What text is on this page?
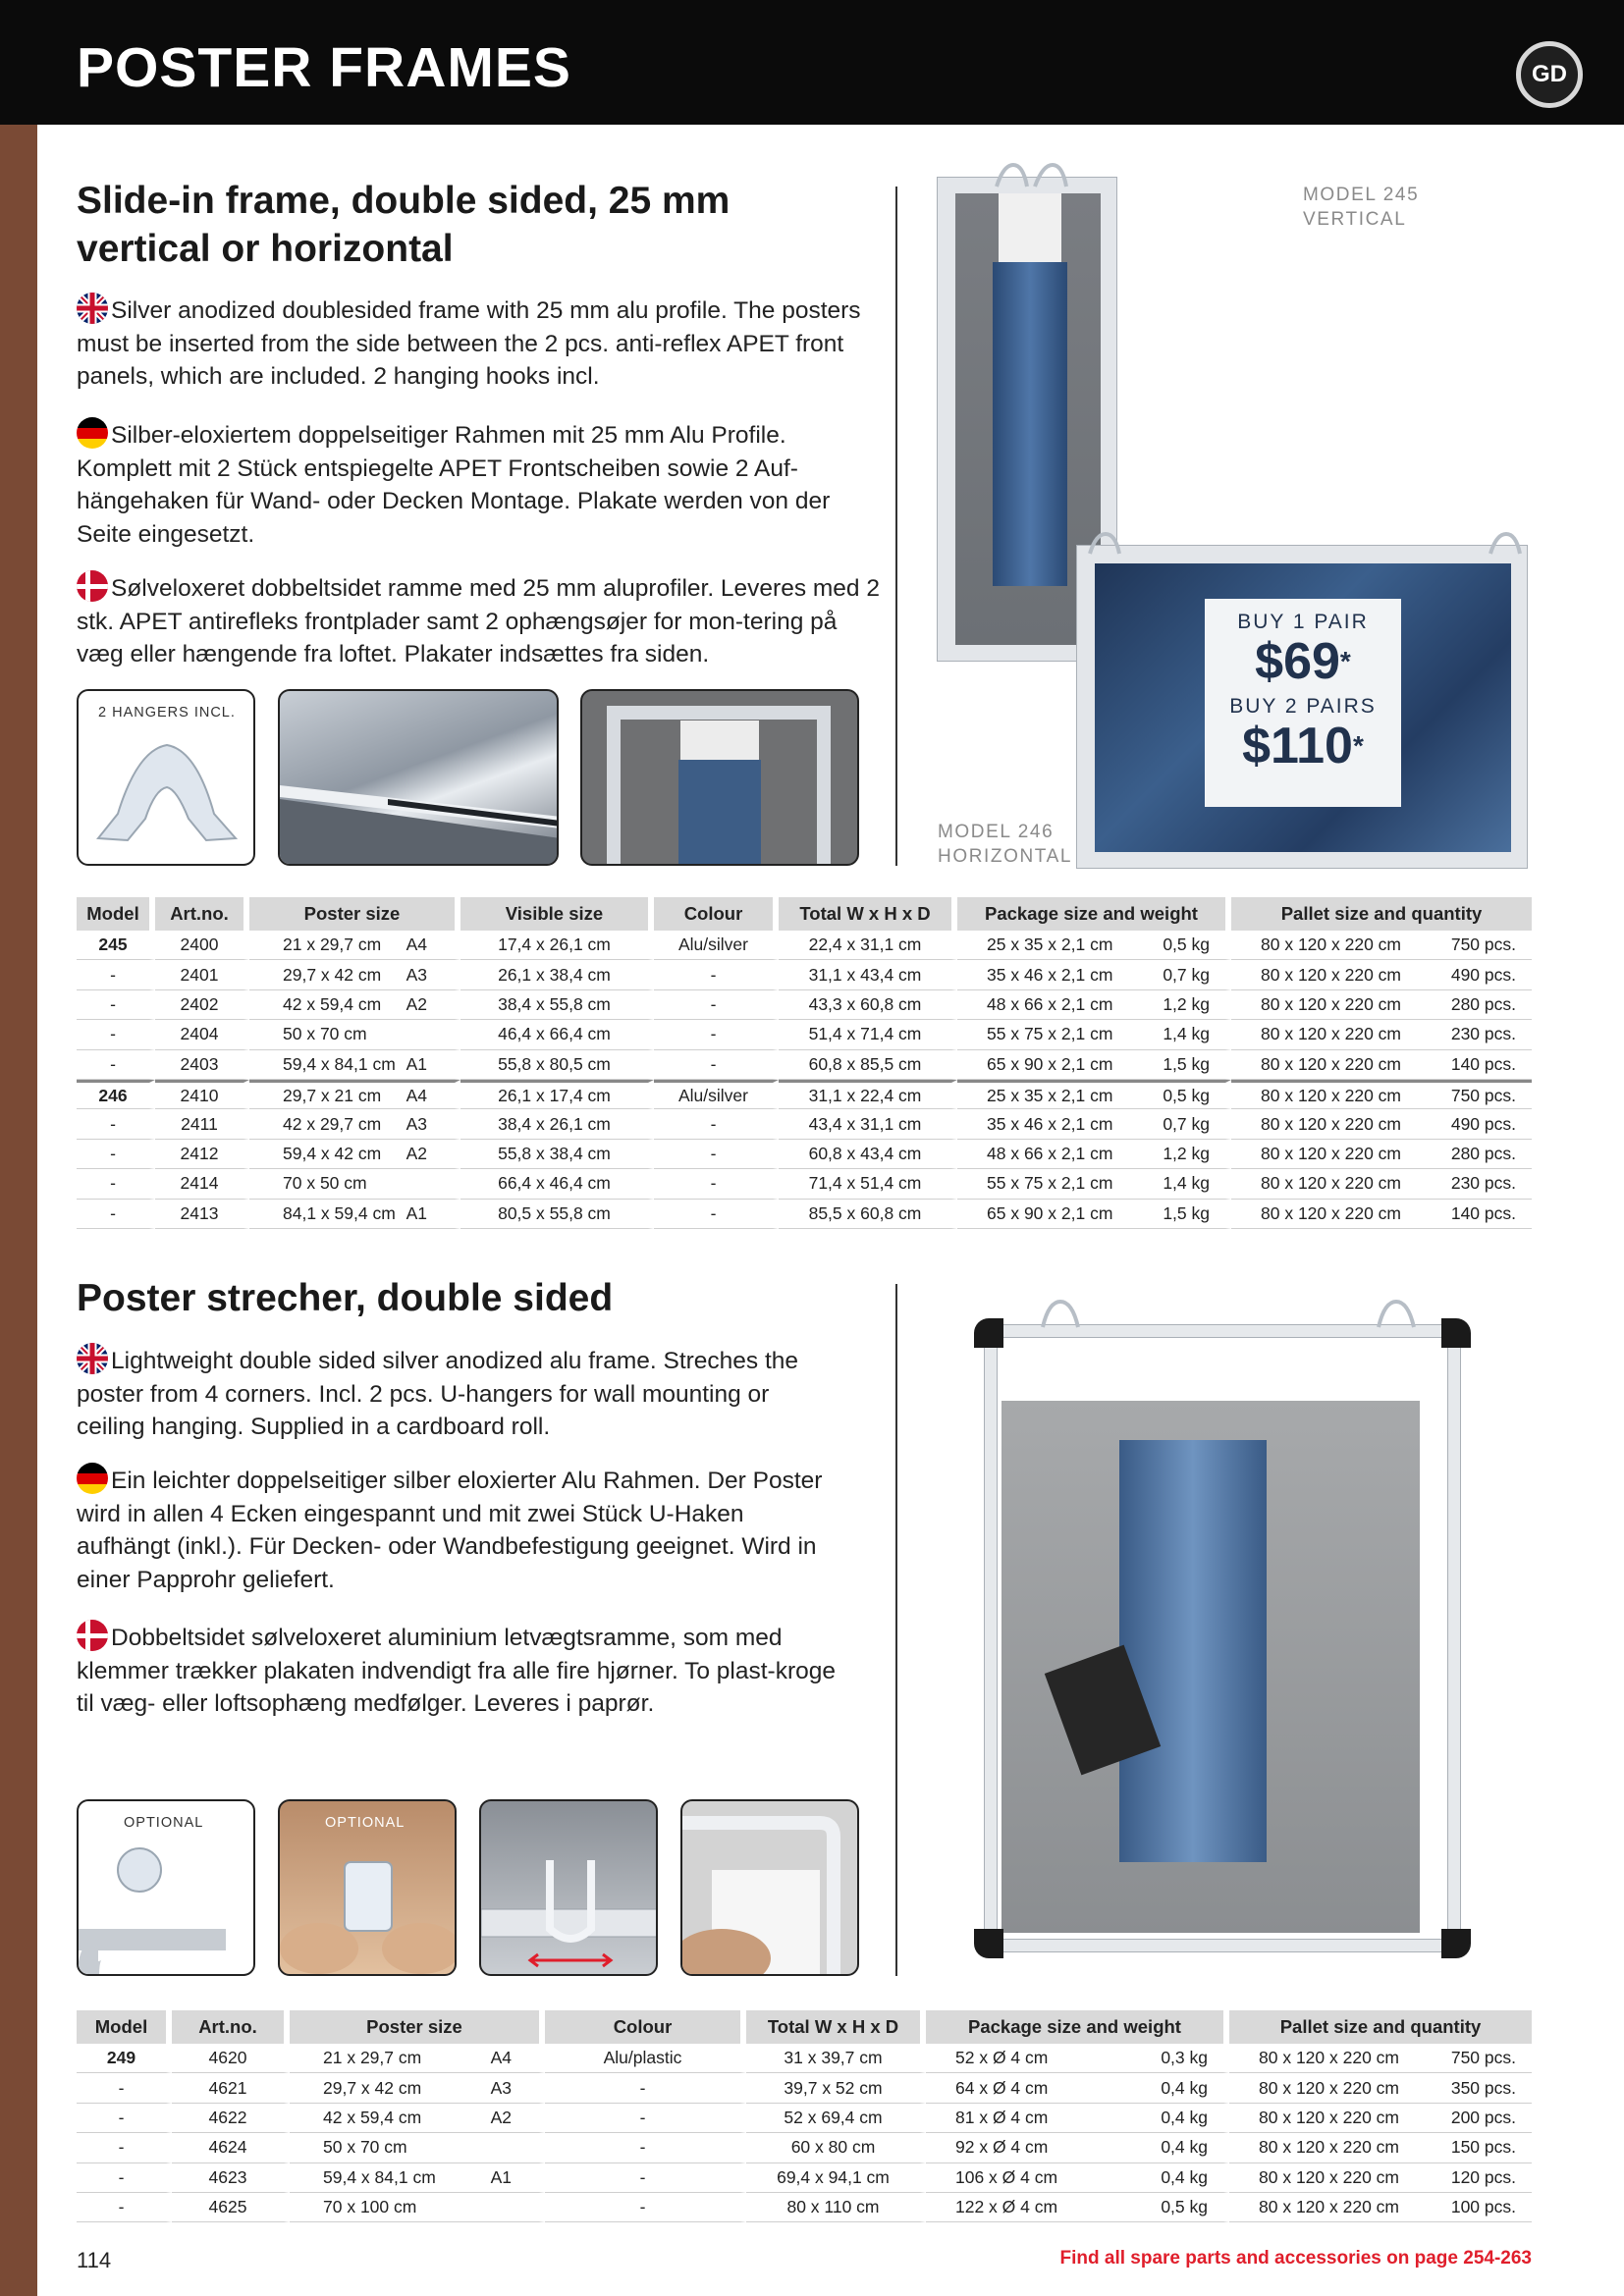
POSTER FRAMES	GD
Slide-in frame, double sided, 25 mm
vertical or horizontal
Silver anodized doublesided frame with 25 mm alu profile. The posters must be inserted from the side between the 2 pcs. anti-reflex APET front panels, which are included. 2 hanging hooks incl.
Silber-eloxiertem doppelseitiger Rahmen mit 25 mm Alu Profile. Komplett mit 2 Stück entspiegelte APET Frontscheiben sowie 2 Auf-hängehaken für Wand- oder Decken Montage. Plakate werden von der Seite eingesetzt.
Sølveloxeret dobbeltsidet ramme med 25 mm aluprofiler. Leveres med 2 stk. APET antirefleks frontplader samt 2 ophængsøjer for mon-tering på væg eller hængende fra loftet. Plakater indsættes fra siden.
2 HANGERS INCL.
MODEL 245
VERTICAL
BUY 1 PAIR
$69*
BUY 2 PAIRS
$110*
MODEL 246
HORIZONTAL
Model	Art.no.	Poster size	Visible size	Colour	Total W x H x D	Package size and weight	Pallet size and quantity
245	2400	21 x 29,7 cm A4	17,4 x 26,1 cm	Alu/silver	22,4 x 31,1 cm	25 x 35 x 2,1 cm 0,5 kg	80 x 120 x 220 cm 750 pcs.

-	2401	29,7 x 42 cm A3	26,1 x 38,4 cm	-	31,1 x 43,4 cm	35 x 46 x 2,1 cm 0,7 kg	80 x 120 x 220 cm 490 pcs.

-	2402	42 x 59,4 cm A2	38,4 x 55,8 cm	-	43,3 x 60,8 cm	48 x 66 x 2,1 cm 1,2 kg	80 x 120 x 220 cm 280 pcs.

-	2404	50 x 70 cm	46,4 x 66,4 cm	-	51,4 x 71,4 cm	55 x 75 x 2,1 cm 1,4 kg	80 x 120 x 220 cm 230 pcs.

-	2403	59,4 x 84,1 cm A1	55,8 x 80,5 cm	-	60,8 x 85,5 cm	65 x 90 x 2,1 cm 1,5 kg	80 x 120 x 220 cm 140 pcs.

246	2410	29,7 x 21 cm A4	26,1 x 17,4 cm	Alu/silver	31,1 x 22,4 cm	25 x 35 x 2,1 cm 0,5 kg	80 x 120 x 220 cm 750 pcs.

-	2411	42 x 29,7 cm A3	38,4 x 26,1 cm	-	43,4 x 31,1 cm	35 x 46 x 2,1 cm 0,7 kg	80 x 120 x 220 cm 490 pcs.

-	2412	59,4 x 42 cm A2	55,8 x 38,4 cm	-	60,8 x 43,4 cm	48 x 66 x 2,1 cm 1,2 kg	80 x 120 x 220 cm 280 pcs.

-	2414	70 x 50 cm	66,4 x 46,4 cm	-	71,4 x 51,4 cm	55 x 75 x 2,1 cm 1,4 kg	80 x 120 x 220 cm 230 pcs.

-	2413	84,1 x 59,4 cm A1	80,5 x 55,8 cm	-	85,5 x 60,8 cm	65 x 90 x 2,1 cm 1,5 kg	80 x 120 x 220 cm 140 pcs.
Poster strecher, double sided
Lightweight double sided silver anodized alu frame. Streches the poster from 4 corners. Incl. 2 pcs. U-hangers for wall mounting or ceiling hanging. Supplied in a cardboard roll.
Ein leichter doppelseitiger silber eloxierter Alu Rahmen. Der Poster wird in allen 4 Ecken eingespannt und mit zwei Stück U-Haken aufhängt (inkl.). Für Decken- oder Wandbefestigung geeignet. Wird in einer Papprohr geliefert.
Dobbeltsidet sølveloxeret aluminium letvægtsramme, som med klemmer trækker plakaten indvendigt fra alle fire hjørner. To plast-kroge til væg- eller loftsophæng medfølger. Leveres i paprør.
OPTIONAL	OPTIONAL
Model	Art.no.	Poster size	Colour	Total W x H x D	Package size and weight	Pallet size and quantity
249	4620	21 x 29,7 cm A4	Alu/plastic	31 x 39,7 cm	52 x Ø 4 cm 0,3 kg	80 x 120 x 220 cm 750 pcs.

-	4621	29,7 x 42 cm A3	-	39,7 x 52 cm	64 x Ø 4 cm 0,4 kg	80 x 120 x 220 cm 350 pcs.

-	4622	42 x 59,4 cm A2	-	52 x 69,4 cm	81 x Ø 4 cm 0,4 kg	80 x 120 x 220 cm 200 pcs.

-	4624	50 x 70 cm	-	60 x 80 cm	92 x Ø 4 cm 0,4 kg	80 x 120 x 220 cm 150 pcs.

-	4623	59,4 x 84,1 cm A1	-	69,4 x 94,1 cm	106 x Ø 4 cm 0,4 kg	80 x 120 x 220 cm 120 pcs.

-	4625	70 x 100 cm	-	80 x 110 cm	122 x Ø 4 cm 0,5 kg	80 x 120 x 220 cm 100 pcs.
114	Find all spare parts and accessories on page 254-263
